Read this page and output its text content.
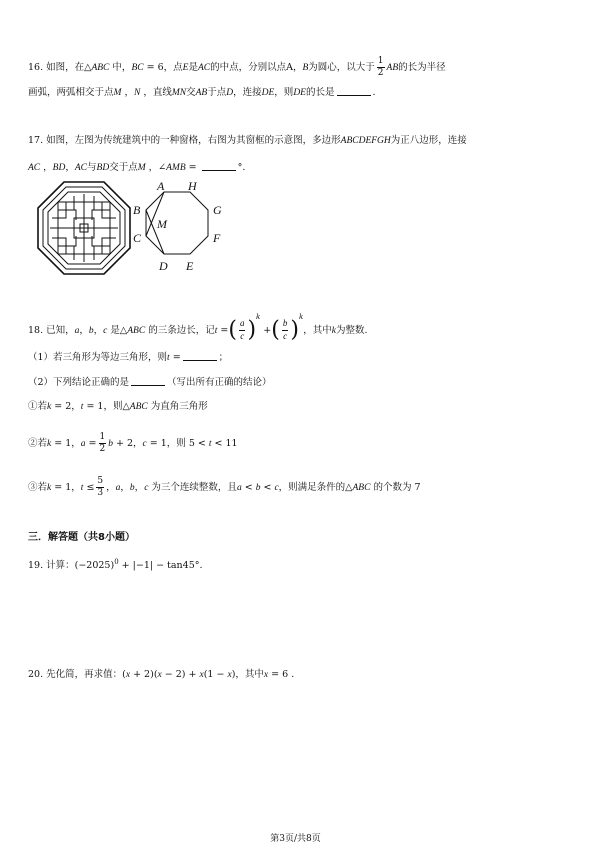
16. 如图，在△ABC 中，BC = 6，点E是AC的中点，分别以点A，B为圆心，以大于 $\frac{1}{2}$ AB的长为半径
画弧，两弧相交于点M ，N ，直线MN交AB于点D，连接DE，则DE的长是	.
17. 如图，左图为传统建筑中的一种窗格，右图为其窗框的示意图，多边形ABCDEFGH为正八边形，连接
AC ，BD，AC与BD交于点M ，∠AMB =	°.
A H
B
M
G
C	F
D E
18. 已知，a，b，c 是△ABC 的三条边长，记t =( $\frac{a}{c} )^k$ +( $\frac{b}{c} )^k$，其中k为整数.
（1）若三角形为等边三角形，则t =	；
（2）下列结论正确的是	（写出所有正确的结论）
①若k = 2，t = 1，则△ABC 为直角三角形
②若k = 1，$a = \frac{1}{2}$ b + 2，c = 1，则 5 < t < 11
③若k = 1，$t \le \frac{5}{3}$ ，a，b，c 为三个连续整数，且a < b < c，则满足条件的△ABC 的个数为 7
三．解答题（共8小题）
19. 计算：$(-2025)^0 + |-1| - \tan 45^\circ$.
20. 先化简，再求值：(x + 2)(x − 2) + x(1 − x)，其中x = 6 .
第3页/共8页
